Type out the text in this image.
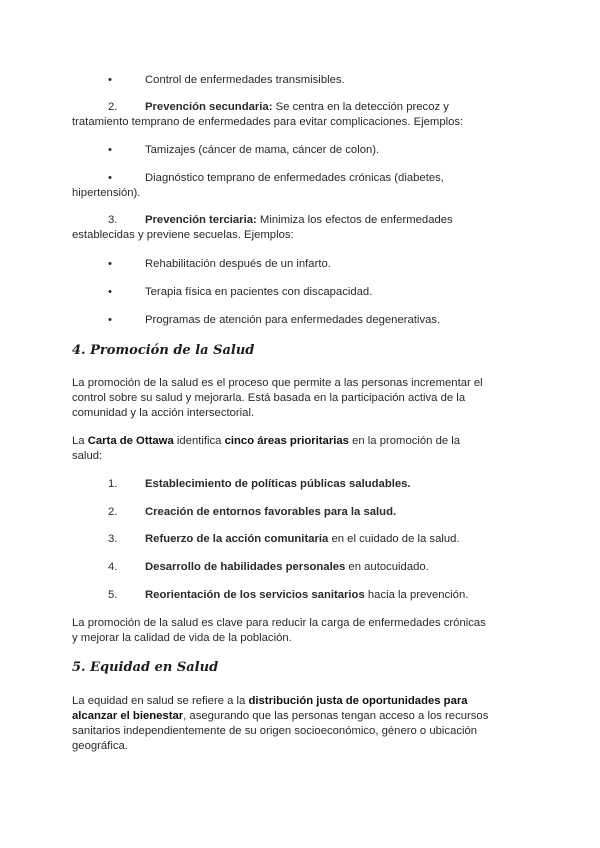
•	Control de enfermedades transmisibles.
2. Prevención secundaria: Se centra en la detección precoz y
tratamiento temprano de enfermedades para evitar complicaciones. Ejemplos:
•	Tamizajes (cáncer de mama, cáncer de colon).
•	Diagnóstico temprano de enfermedades crónicas (diabetes,
hipertensión).
3. Prevención terciaria: Minimiza los efectos de enfermedades
establecidas y previene secuelas. Ejemplos:
•	Rehabilitación después de un infarto.
•	Terapia física en pacientes con discapacidad.
•	Programas de atención para enfermedades degenerativas.
4. Promoción de la Salud
La promoción de la salud es el proceso que permite a las personas incrementar el
control sobre su salud y mejorarla. Está basada en la participación activa de la
comunidad y la acción intersectorial.
La Carta de Ottawa identifica cinco áreas prioritarias en la promoción de la
salud:
1. Establecimiento de políticas públicas saludables.
2. Creación de entornos favorables para la salud.
3. Refuerzo de la acción comunitaria en el cuidado de la salud.
4. Desarrollo de habilidades personales en autocuidado.
5. Reorientación de los servicios sanitarios hacia la prevención.
La promoción de la salud es clave para reducir la carga de enfermedades crónicas
y mejorar la calidad de vida de la población.
5. Equidad en Salud
La equidad en salud se refiere a la distribución justa de oportunidades para
alcanzar el bienestar, asegurando que las personas tengan acceso a los recursos
sanitarios independientemente de su origen socioeconómico, género o ubicación
geográfica.
